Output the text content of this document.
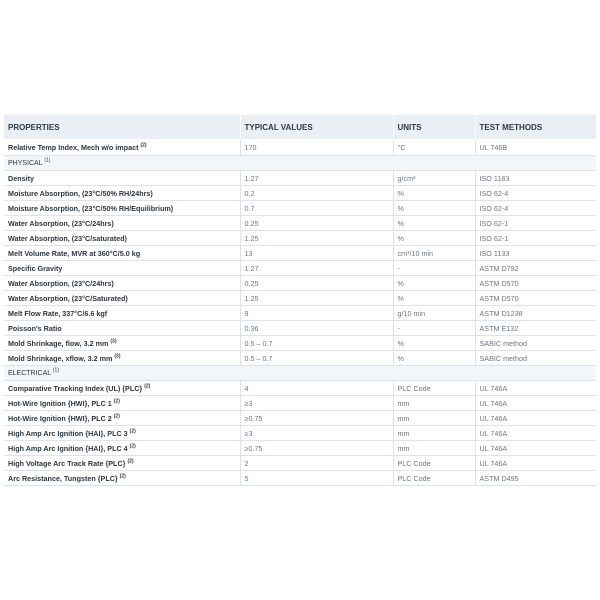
PROPERTIES	TYPICAL VALUES	UNITS	TEST METHODS
Relative Temp Index, Mech w/o impact $^{(2)}$	170	°C	UL 746B
PHYSICAL $^{(1)}$
Density	1.27	g/cm³	ISO 1183
Moisture Absorption, (23°C/50% RH/24hrs)	0.2	%	ISO 62-4
Moisture Absorption, (23°C/50% RH/Equilibrium)	0.7	%	ISO 62-4
Water Absorption, (23°C/24hrs)	0.25	%	ISO 62-1
Water Absorption, (23°C/saturated)	1.25	%	ISO 62-1
Melt Volume Rate, MVR at 360°C/5.0 kg	13	cm³/10 min	ISO 1133
Specific Gravity	1.27	-	ASTM D792
Water Absorption, (23°C/24hrs)	0.25	%	ASTM D570
Water Absorption, (23°C/Saturated)	1.25	%	ASTM D570
Melt Flow Rate, 337°C/6.6 kgf	9	g/10 min	ASTM D1238
Poisson's Ratio	0.36	-	ASTM E132
Mold Shrinkage, flow, 3.2 mm $^{(3)}$	0.5 – 0.7	%	SABIC method
Mold Shrinkage, xflow, 3.2 mm $^{(3)}$	0.5 – 0.7	%	SABIC method
ELECTRICAL $^{(1)}$
Comparative Tracking Index (UL) {PLC} $^{(2)}$	4	PLC Code	UL 746A
Hot-Wire Ignition {HWI}, PLC 1 $^{(2)}$	≥3	mm	UL 746A
Hot-Wire Ignition {HWI}, PLC 2 $^{(2)}$	≥0.75	mm	UL 746A
High Amp Arc Ignition {HAI}, PLC 3 $^{(2)}$	≥3	mm	UL 746A
High Amp Arc Ignition {HAI}, PLC 4 $^{(2)}$	≥0.75	mm	UL 746A
High Voltage Arc Track Rate {PLC} $^{(2)}$	2	PLC Code	UL 746A
Arc Resistance, Tungsten {PLC} $^{(2)}$	5	PLC Code	ASTM D495
